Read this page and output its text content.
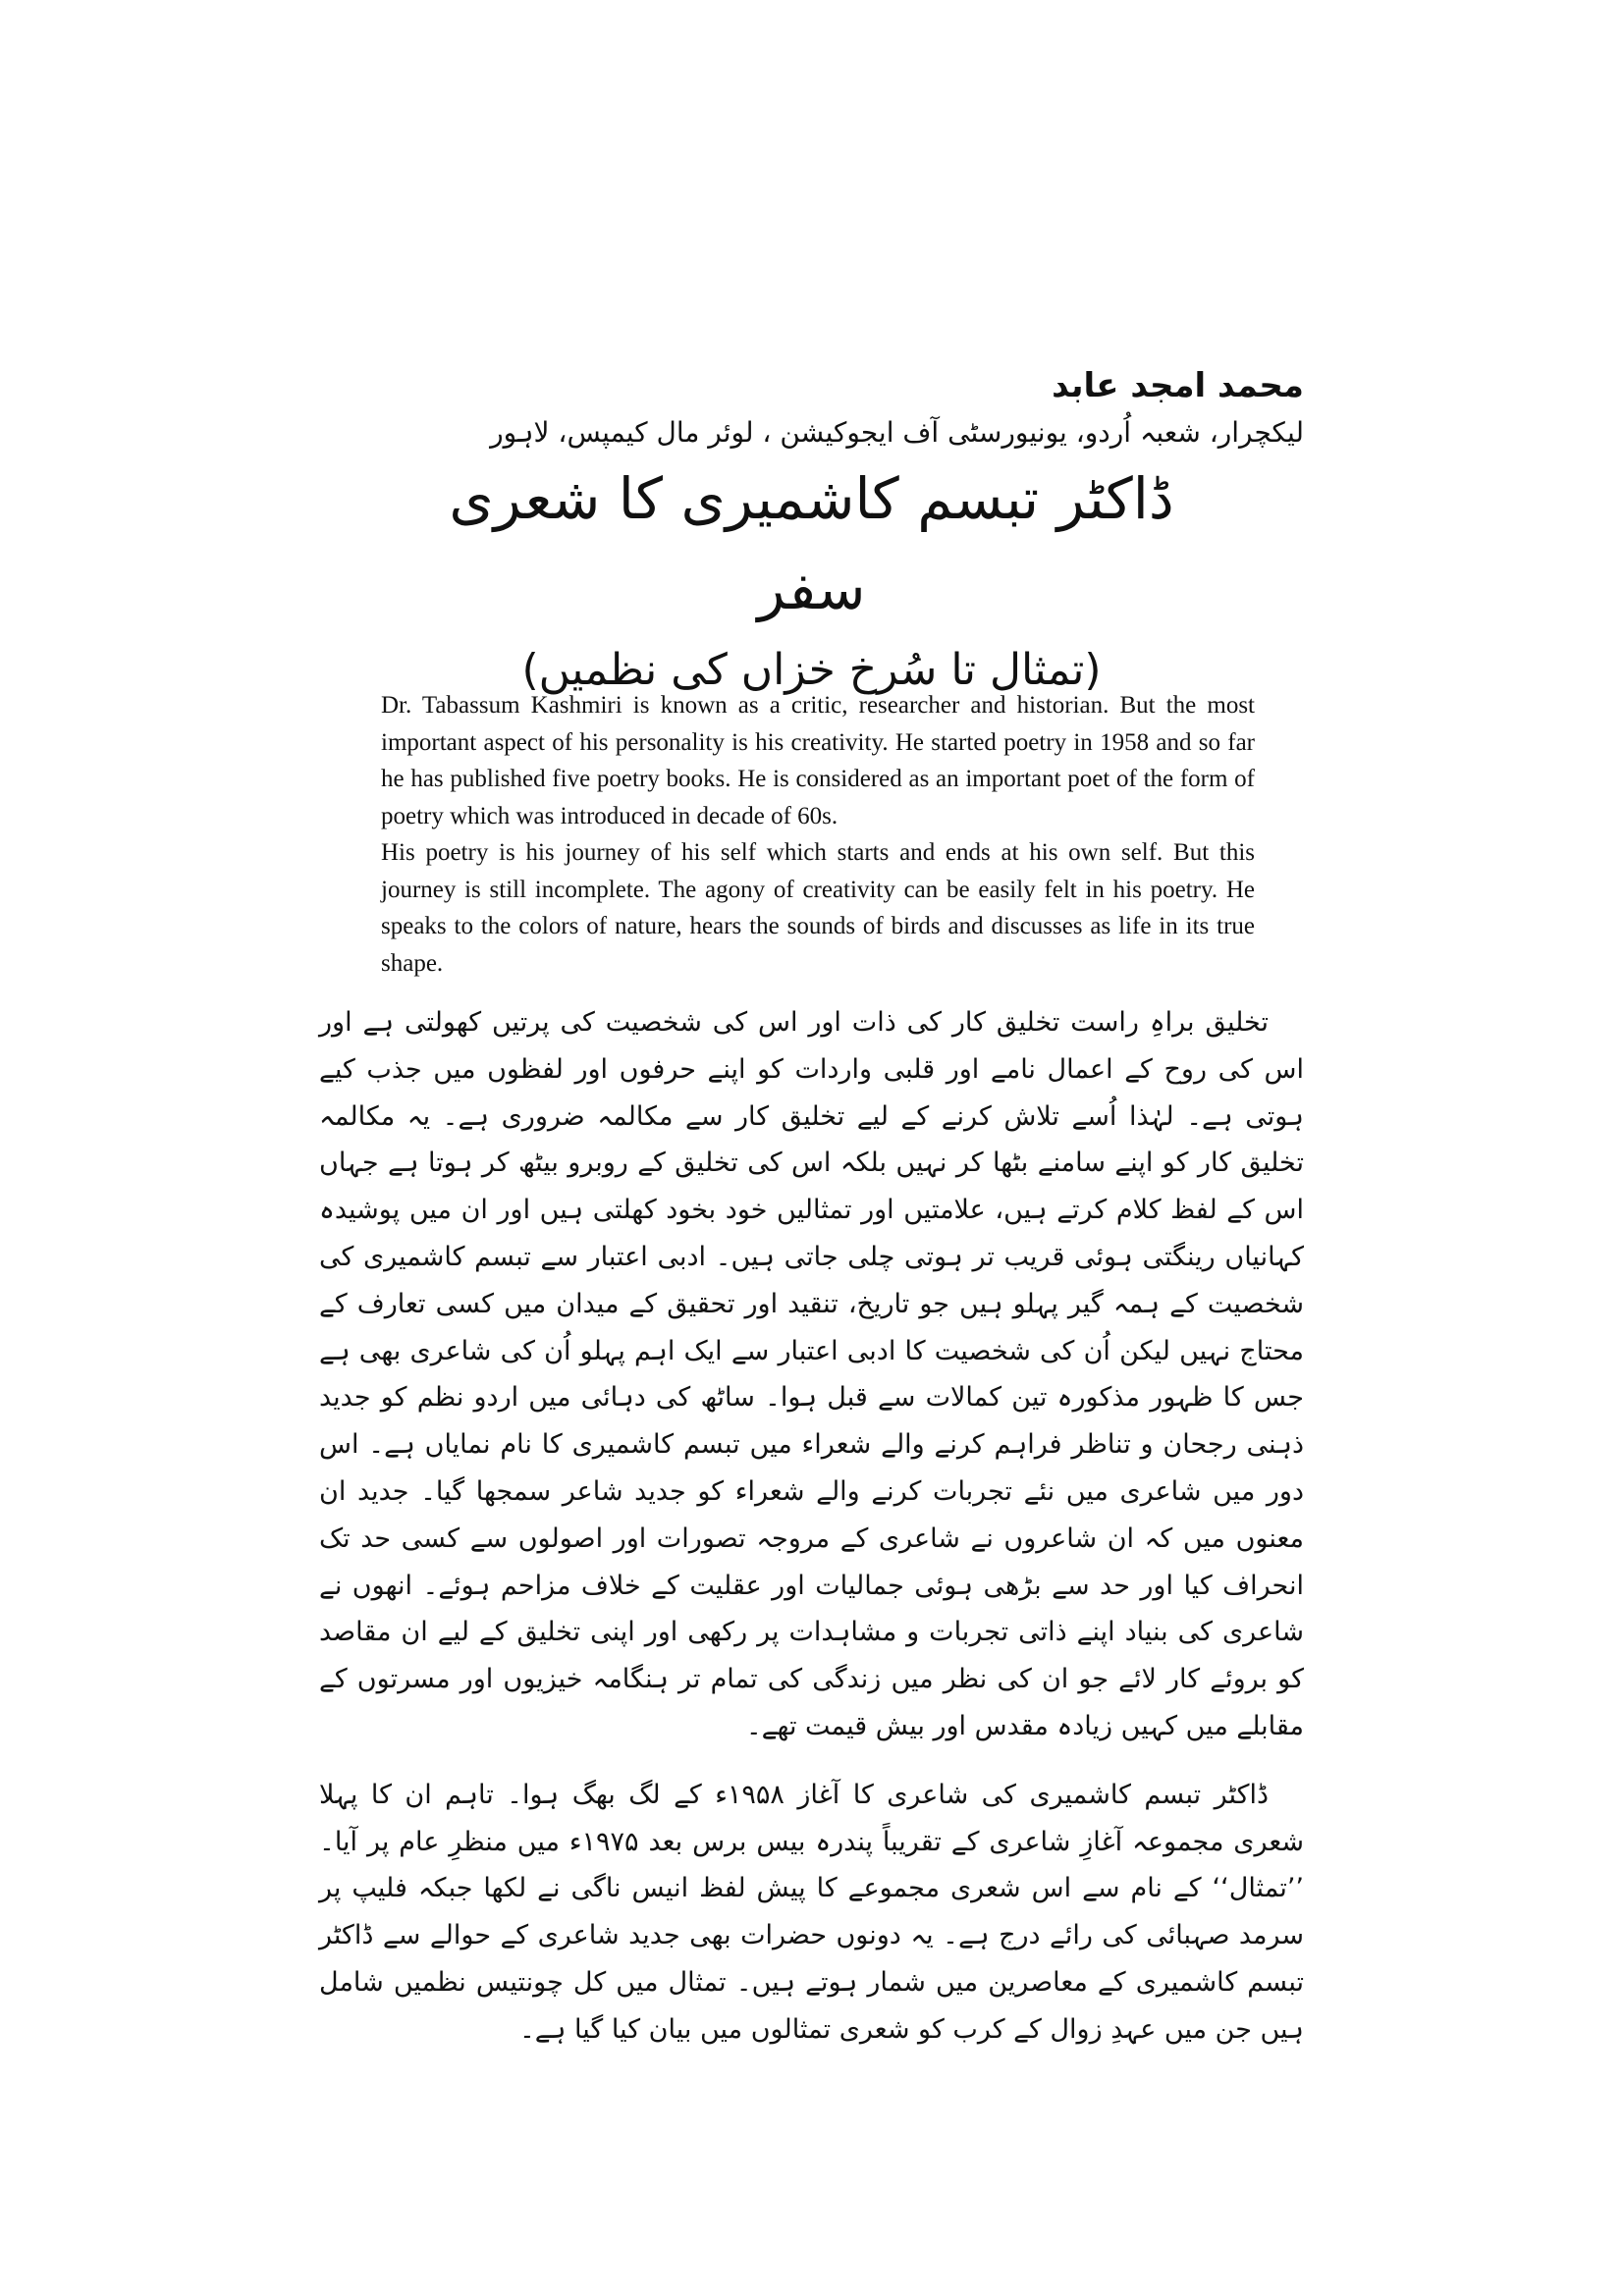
محمد امجد عابد

لیکچرار، شعبہ اُردو، یونیورسٹی آف ایجوکیشن ، لوئر مال کیمپس، لاہور

ڈاکٹر تبسم کاشمیری کا شعری سفر
(تمثال تا سُرخ خزاں کی نظمیں)

Dr. Tabassum Kashmiri is known as a critic, researcher and historian. But the most important aspect of his personality is his creativity. He started poetry in 1958 and so far he has published five poetry books. He is considered as an important poet of the form of poetry which was introduced in decade of 60s.

His poetry is his journey of his self which starts and ends at his own self. But this journey is still incomplete. The agony of creativity can be easily felt in his poetry. He speaks to the colors of nature, hears the sounds of birds and discusses as life in its true shape.

تخلیق براہِ راست تخلیق کار کی ذات اور اس کی شخصیت کی پرتیں کھولتی ہے اور اس کی روح کے اعمال نامے اور قلبی واردات کو اپنے حرفوں اور لفظوں میں جذب کیے ہوتی ہے۔ لہٰذا اُسے تلاش کرنے کے لیے تخلیق کار سے مکالمہ ضروری ہے۔ یہ مکالمہ تخلیق کار کو اپنے سامنے بٹھا کر نہیں بلکہ اس کی تخلیق کے روبرو بیٹھ کر ہوتا ہے جہاں اس کے لفظ کلام کرتے ہیں، علامتیں اور تمثالیں خود بخود کھلتی ہیں اور ان میں پوشیدہ کہانیاں رینگتی ہوئی قریب تر ہوتی چلی جاتی ہیں۔ ادبی اعتبار سے تبسم کاشمیری کی شخصیت کے ہمہ گیر پہلو ہیں جو تاریخ، تنقید اور تحقیق کے میدان میں کسی تعارف کے محتاج نہیں لیکن اُن کی شخصیت کا ادبی اعتبار سے ایک اہم پہلو اُن کی شاعری بھی ہے جس کا ظہور مذکورہ تین کمالات سے قبل ہوا۔ ساٹھ کی دہائی میں اردو نظم کو جدید ذہنی رجحان و تناظر فراہم کرنے والے شعراء میں تبسم کاشمیری کا نام نمایاں ہے۔ اس دور میں شاعری میں نئے تجربات کرنے والے شعراء کو جدید شاعر سمجھا گیا۔ جدید ان معنوں میں کہ ان شاعروں نے شاعری کے مروجہ تصورات اور اصولوں سے کسی حد تک انحراف کیا اور حد سے بڑھی ہوئی جمالیات اور عقلیت کے خلاف مزاحم ہوئے۔ انھوں نے شاعری کی بنیاد اپنے ذاتی تجربات و مشاہدات پر رکھی اور اپنی تخلیق کے لیے ان مقاصد کو بروئے کار لائے جو ان کی نظر میں زندگی کی تمام تر ہنگامہ خیزیوں اور مسرتوں کے مقابلے میں کہیں زیادہ مقدس اور بیش قیمت تھے۔

ڈاکٹر تبسم کاشمیری کی شاعری کا آغاز ۱۹۵۸ء کے لگ بھگ ہوا۔ تاہم ان کا پہلا شعری مجموعہ آغازِ شاعری کے تقریباً پندرہ بیس برس بعد ۱۹۷۵ء میں منظرِ عام پر آیا۔ ’’تمثال‘‘ کے نام سے اس شعری مجموعے کا پیش لفظ انیس ناگی نے لکھا جبکہ فلیپ پر سرمد صہبائی کی رائے درج ہے۔ یہ دونوں حضرات بھی جدید شاعری کے حوالے سے ڈاکٹر تبسم کاشمیری کے معاصرین میں شمار ہوتے ہیں۔ تمثال میں کل چونتیس نظمیں شامل ہیں جن میں عہدِ زوال کے کرب کو شعری تمثالوں میں بیان کیا گیا ہے۔
